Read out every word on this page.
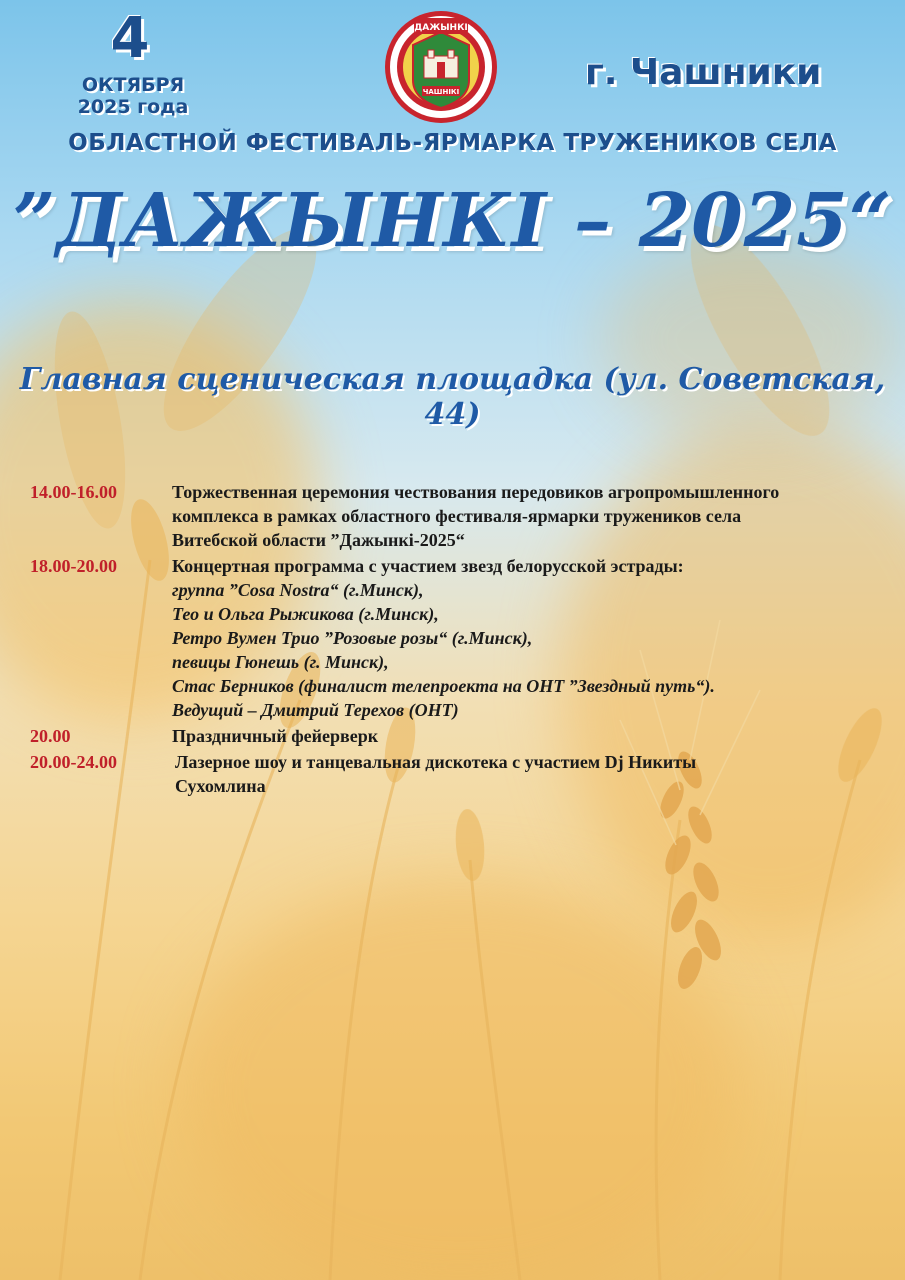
ДАЖЫНКІ
ЧАШНІКІ
2025
4
ОКТЯБРЯ
2025 года
г. Чашники
ОБЛАСТНОЙ ФЕСТИВАЛЬ-ЯРМАРКА ТРУЖЕНИКОВ СЕЛА
”ДАЖЫНКІ – 2025“
Главная сценическая площадка (ул. Советская, 44)
14.00-16.00	Торжественная церемония чествования передовиков агропромышленного
комплекса в рамках областного фестиваля-ярмарки тружеников села
Витебской области ”Дажынкі-2025“
18.00-20.00	Концертная программа с участием звезд белорусской эстрады:
группа ”Cosa Nostra“ (г.Минск),
Тео и Ольга Рыжикова (г.Минск),
Ретро Вумен Трио ”Розовые розы“ (г.Минск),
певицы Гюнешь (г. Минск),
Стас Берников (финалист телепроекта на ОНТ ”Звездный путь“).
Ведущий – Дмитрий Терехов (ОНТ)
20.00	Праздничный фейерверк
20.00-24.00	Лазерное шоу и танцевальная дискотека с участием Dj Никиты
Сухомлина
